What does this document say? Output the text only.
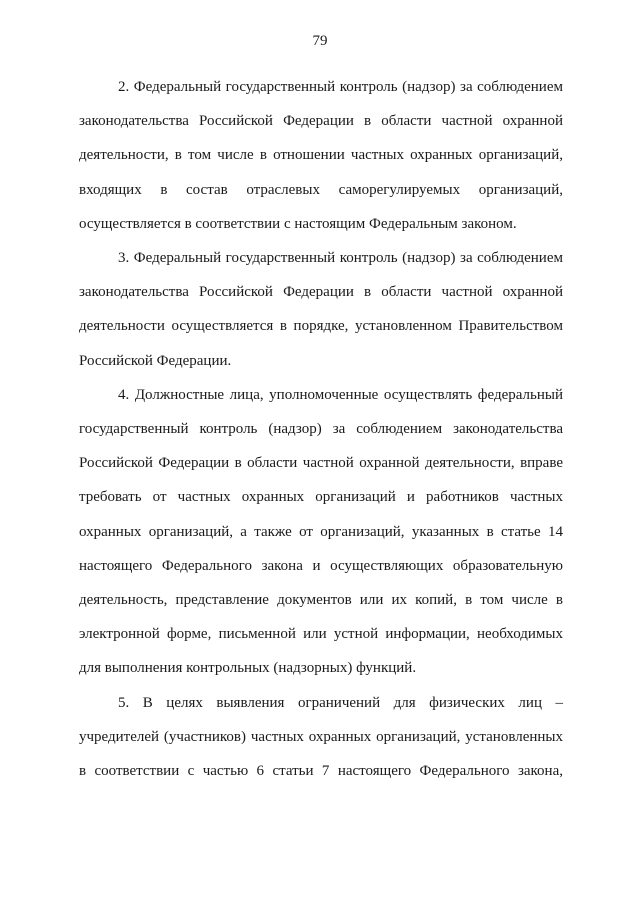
79

2. Федеральный государственный контроль (надзор) за соблюдением законодательства Российской Федерации в области частной охранной деятельности, в том числе в отношении частных охранных организаций, входящих в состав отраслевых саморегулируемых организаций, осуществляется в соответствии с настоящим Федеральным законом.

3. Федеральный государственный контроль (надзор) за соблюдением законодательства Российской Федерации в области частной охранной деятельности осуществляется в порядке, установленном Правительством Российской Федерации.

4. Должностные лица, уполномоченные осуществлять федеральный государственный контроль (надзор) за соблюдением законодательства Российской Федерации в области частной охранной деятельности, вправе требовать от частных охранных организаций и работников частных охранных организаций, а также от организаций, указанных в статье 14 настоящего Федерального закона и осуществляющих образовательную деятельность, представление документов или их копий, в том числе в электронной форме, письменной или устной информации, необходимых для выполнения контрольных (надзорных) функций.

5. В целях выявления ограничений для физических лиц – учредителей (участников) частных охранных организаций, установленных в соответствии с частью 6 статьи 7 настоящего Федерального закона,
